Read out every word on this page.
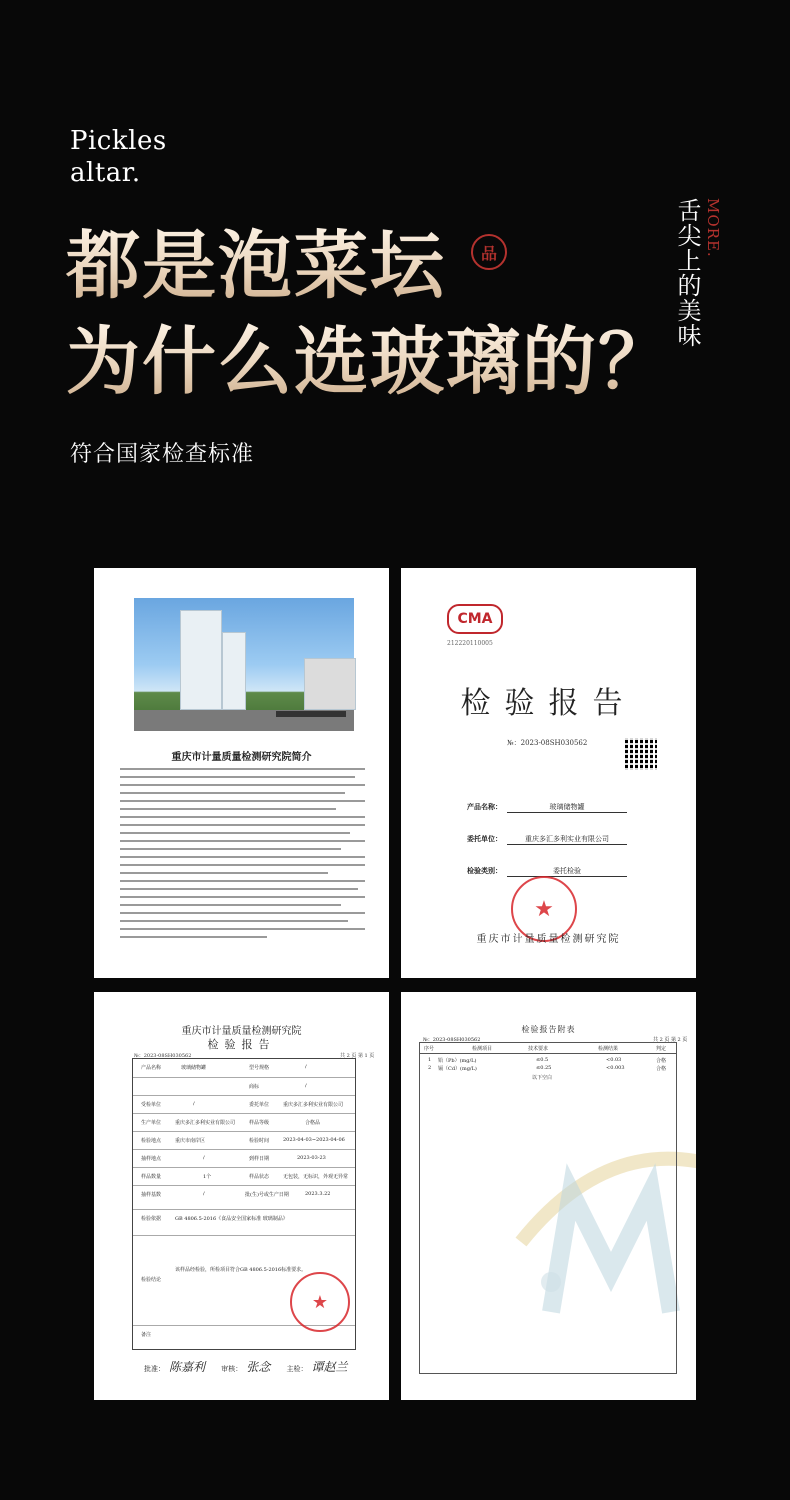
Pickles
altar.
都是泡菜坛
为什么选玻璃的？
品	MORE.
舌尖上的美味
符合国家检查标准
重庆市计量质量检测研究院简介
CMA
212220110005
检验报告
№：2023-08SH030562
产品名称：	玻璃储物罐
委托单位：	重庆多汇多利实业有限公司
检验类别：	委托检验
★
重庆市计量质量检测研究院
重庆市计量质量检测研究院
检验报告
№：2023-08SH030562	共 2 页 第 1 页
产品名称	玻璃储物罐	型号规格	/
商标	/
受检单位	/	委托单位	重庆多汇多利实业有限公司
生产单位	重庆多汇多利实业有限公司	样品等级	合格品
检验地点	重庆市南岸区	检验时间	2023-04-03~2023-04-06
抽样地点	/	到样日期	2023-03-23
样品数量	1个	样品状态	无包装，无标识，外观无异常
抽样基数	/	批(生)号或生产日期	2023.3.22
检验依据	GB 4806.5-2016《食品安全国家标准 玻璃制品》
检验结论
该样品经检验，所检项目符合GB 4806.5-2016标准要求。
备注
★
批准： 陈嘉利 审核： 张念 主检： 谭赵兰
检验报告附表
№：2023-08SH030562	共 2 页 第 2 页
序号	检测项目	技术要求	检测结果	判定
1 铅（Pb）(mg/L)	≤0.5	<0.03	合格
2 镉（Cd）(mg/L)	≤0.25	<0.003	合格
以下空白
